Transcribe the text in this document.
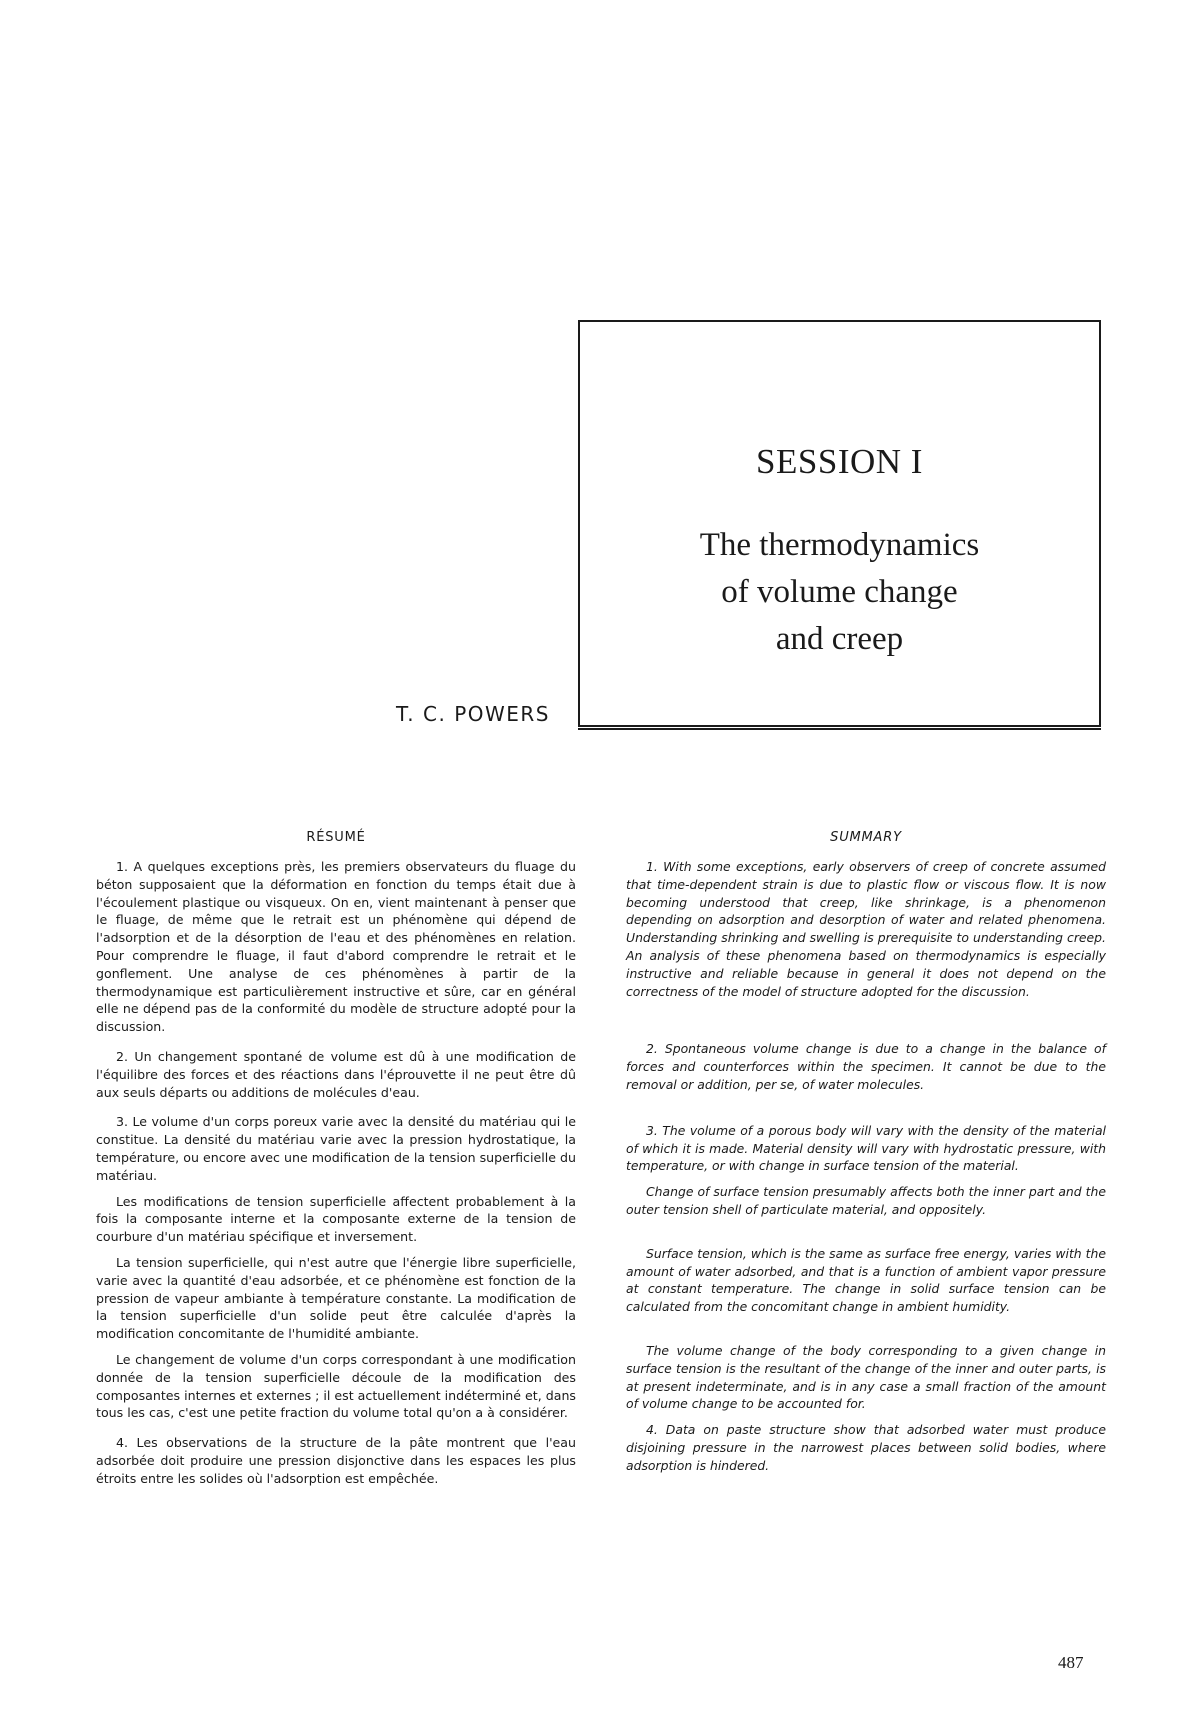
SESSION I
The thermodynamics
of volume change
and creep
T. C. POWERS
RÉSUMÉ

1. A quelques exceptions près, les premiers observateurs du fluage du béton supposaient que la déformation en fonction du temps était due à l'écoulement plastique ou visqueux. On en, vient maintenant à penser que le fluage, de même que le retrait est un phénomène qui dépend de l'adsorption et de la désorption de l'eau et des phénomènes en relation. Pour comprendre le fluage, il faut d'abord comprendre le retrait et le gonflement. Une analyse de ces phénomènes à partir de la thermodynamique est particulièrement instructive et sûre, car en général elle ne dépend pas de la conformité du modèle de structure adopté pour la discussion.

2. Un changement spontané de volume est dû à une modification de l'équilibre des forces et des réactions dans l'éprouvette il ne peut être dû aux seuls départs ou additions de molécules d'eau.

3. Le volume d'un corps poreux varie avec la densité du matériau qui le constitue. La densité du matériau varie avec la pression hydrostatique, la température, ou encore avec une modification de la tension superficielle du matériau.

Les modifications de tension superficielle affectent probablement à la fois la composante interne et la composante externe de la tension de courbure d'un matériau spécifique et inversement.

La tension superficielle, qui n'est autre que l'énergie libre superficielle, varie avec la quantité d'eau adsorbée, et ce phénomène est fonction de la pression de vapeur ambiante à température constante. La modification de la tension superficielle d'un solide peut être calculée d'après la modification concomitante de l'humidité ambiante.

Le changement de volume d'un corps correspondant à une modification donnée de la tension superficielle découle de la modification des composantes internes et externes ; il est actuellement indéterminé et, dans tous les cas, c'est une petite fraction du volume total qu'on a à considérer.

4. Les observations de la structure de la pâte montrent que l'eau adsorbée doit produire une pression disjonctive dans les espaces les plus étroits entre les solides où l'adsorption est empêchée.

SUMMARY

1. With some exceptions, early observers of creep of concrete assumed that time-dependent strain is due to plastic flow or viscous flow. It is now becoming understood that creep, like shrinkage, is a phenomenon depending on adsorption and desorption of water and related phenomena. Understanding shrinking and swelling is prerequisite to understanding creep. An analysis of these phenomena based on thermodynamics is especially instructive and reliable because in general it does not depend on the correctness of the model of structure adopted for the discussion.

2. Spontaneous volume change is due to a change in the balance of forces and counterforces within the specimen. It cannot be due to the removal or addition, per se, of water molecules.

3. The volume of a porous body will vary with the density of the material of which it is made. Material density will vary with hydrostatic pressure, with temperature, or with change in surface tension of the material.

Change of surface tension presumably affects both the inner part and the outer tension shell of particulate material, and oppositely.

Surface tension, which is the same as surface free energy, varies with the amount of water adsorbed, and that is a function of ambient vapor pressure at constant temperature. The change in solid surface tension can be calculated from the concomitant change in ambient humidity.

The volume change of the body corresponding to a given change in surface tension is the resultant of the change of the inner and outer parts, is at present indeterminate, and is in any case a small fraction of the amount of volume change to be accounted for.

4. Data on paste structure show that adsorbed water must produce disjoining pressure in the narrowest places between solid bodies, where adsorption is hindered.

487
